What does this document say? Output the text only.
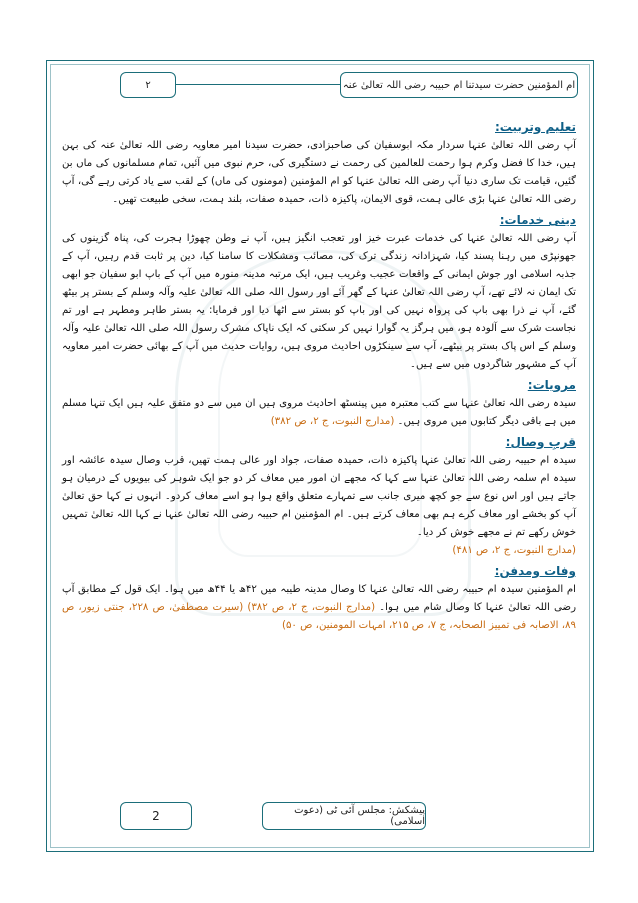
ام المؤمنین حضرت سیدتنا ام حبیبہ رضی اللہ تعالیٰ عنہ
۲
تعلیم وتربیت:

آپ رضی اللہ تعالیٰ عنہا سردار مکہ ابوسفیان کی صاحبزادی، حضرت سیدنا امیر معاویہ رضی اللہ تعالیٰ عنہ کی بہن ہیں، خدا کا فضل وکرم ہوا رحمت للعالمین کی رحمت نے دستگیری کی، حرم نبوی میں آئیں، تمام مسلمانوں کی ماں بن گئیں، قیامت تک ساری دنیا آپ رضی اللہ تعالیٰ عنہا کو ام المؤمنین (مومنوں کی ماں) کے لقب سے یاد کرتی رہے گی، آپ رضی اللہ تعالیٰ عنہا بڑی عالی ہمت، قوی الایمان، پاکیزہ ذات، حمیدہ صفات، بلند ہمت، سخی طبیعت تھیں۔

دینی خدمات:

آپ رضی اللہ تعالیٰ عنہا کی خدمات عبرت خیز اور تعجب انگیز ہیں، آپ نے وطن چھوڑا ہجرت کی، پناہ گزینوں کی جھونپڑی میں رہنا پسند کیا، شہزادانہ زندگی ترک کی، مصائب ومشکلات کا سامنا کیا، دین پر ثابت قدم رہیں، آپ کے جذبہ اسلامی اور جوش ایمانی کے واقعات عجیب وغریب ہیں، ایک مرتبہ مدینہ منورہ میں آپ کے باپ ابو سفیان جو ابھی تک ایمان نہ لائے تھے، آپ رضی اللہ تعالیٰ عنہا کے گھر آئے اور رسول اللہ صلی اللہ تعالیٰ علیہ وآلہ وسلم کے بستر پر بیٹھ گئے، آپ نے ذرا بھی باپ کی پرواہ نہیں کی اور باپ کو بستر سے اٹھا دیا اور فرمایا: یہ بستر طاہر ومطہر ہے اور تم نجاست شرک سے آلودہ ہو، میں ہرگز یہ گوارا نہیں کر سکتی کہ ایک ناپاک مشرک رسول اللہ صلی اللہ تعالیٰ علیہ وآلہ وسلم کے اس پاک بستر پر بیٹھے، آپ سے سینکڑوں احادیث مروی ہیں، روایات حدیث میں آپ کے بھائی حضرت امیر معاویہ آپ کے مشہور شاگردوں میں سے ہیں۔

مرویات:

سیدہ رضی اللہ تعالیٰ عنہا سے کتب معتبرہ میں پینسٹھ احادیث مروی ہیں ان میں سے دو متفق علیہ ہیں ایک تنہا مسلم میں ہے باقی دیگر کتابوں میں مروی ہیں۔ (مدارج النبوت، ج ۲، ص ۳۸۲)

قربِ وصال:

سیدہ ام حبیبہ رضی اللہ تعالیٰ عنہا پاکیزہ ذات، حمیدہ صفات، جواد اور عالی ہمت تھیں، قرب وصال سیدہ عائشہ اور سیدہ ام سلمہ رضی اللہ تعالیٰ عنہا سے کہا کہ مجھے ان امور میں معاف کر دو جو ایک شوہر کی بیویوں کے درمیان ہو جاتے ہیں اور اس نوع سے جو کچھ میری جانب سے تمہارے متعلق واقع ہوا ہو اسے معاف کردو۔ انہوں نے کہا حق تعالیٰ آپ کو بخشے اور معاف کرے ہم بھی معاف کرتے ہیں۔ ام المؤمنین ام حبیبہ رضی اللہ تعالیٰ عنہا نے کہا اللہ تعالیٰ تمہیں خوش رکھے تم نے مجھے خوش کر دیا۔

(مدارج النبوت، ج ۲، ص ۴۸۱)

وفات ومدفن:

ام المؤمنین سیدہ ام حبیبہ رضی اللہ تعالیٰ عنہا کا وصال مدینہ طیبہ میں ۴۲ھ یا ۴۴ھ میں ہوا۔ ایک قول کے مطابق آپ رضی اللہ تعالیٰ عنہا کا وصال شام میں ہوا۔ (مدارج النبوت، ج ۲، ص ۳۸۲) (سیرت مصطفیٰ، ص ۲۲۸، جنتی زیور، ص ۸۹، الاصابہ فی تمییز الصحابہ، ج ۷، ص ۲۱۵، امہات المومنین، ص ۵۰)

پیشکش: مجلس آئی ٹی (دعوت اسلامی)
2
